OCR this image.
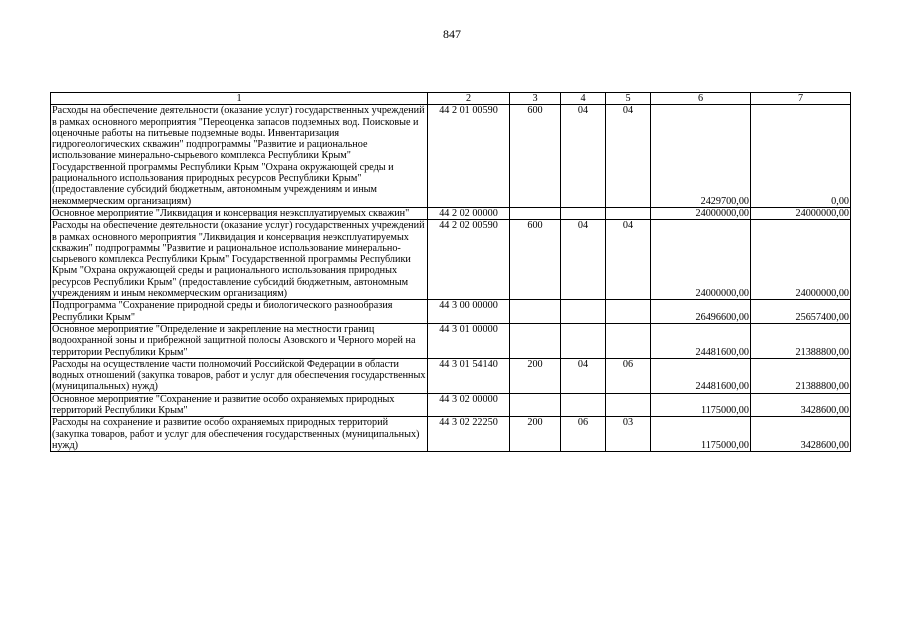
847
1	2	3	4	5	6	7
Расходы на обеспечение деятельности (оказание услуг) государственных учреждений в рамках основного мероприятия "Переоценка запасов подземных вод. Поисковые и оценочные работы на питьевые подземные воды. Инвентаризация гидрогеологических скважин" подпрограммы "Развитие и рациональное использование минерально-сырьевого комплекса Республики Крым" Государственной программы Республики Крым "Охрана окружающей среды и рационального использования природных ресурсов Республики Крым" (предоставление субсидий бюджетным, автономным учреждениям и иным некоммерческим организациям)	44 2 01 00590	600	04	04	2429700,00	0,00
Основное мероприятие "Ликвидация и консервация неэксплуатируемых скважин"	44 2 02 00000				24000000,00	24000000,00
Расходы на обеспечение деятельности (оказание услуг) государственных учреждений в рамках основного мероприятия "Ликвидация и консервация неэксплуатируемых скважин" подпрограммы "Развитие и рациональное использование минерально-сырьевого комплекса Республики Крым" Государственной программы Республики Крым "Охрана окружающей среды и рационального использования природных ресурсов Республики Крым" (предоставление субсидий бюджетным, автономным учреждениям и иным некоммерческим организациям)	44 2 02 00590	600	04	04	24000000,00	24000000,00
Подпрограмма "Сохранение природной среды и биологического разнообразия Республики Крым"	44 3 00 00000				26496600,00	25657400,00
Основное мероприятие "Определение и закрепление на местности границ водоохранной зоны и прибрежной защитной полосы Азовского и Черного морей на территории Республики Крым"	44 3 01 00000				24481600,00	21388800,00
Расходы на осуществление части полномочий Российской Федерации в области водных отношений (закупка товаров, работ и услуг для обеспечения государственных (муниципальных) нужд)	44 3 01 54140	200	04	06	24481600,00	21388800,00
Основное мероприятие "Сохранение и развитие особо охраняемых природных территорий Республики Крым"	44 3 02 00000				1175000,00	3428600,00
Расходы на сохранение и развитие особо охраняемых природных территорий (закупка товаров, работ и услуг для обеспечения государственных (муниципальных) нужд)	44 3 02 22250	200	06	03	1175000,00	3428600,00
